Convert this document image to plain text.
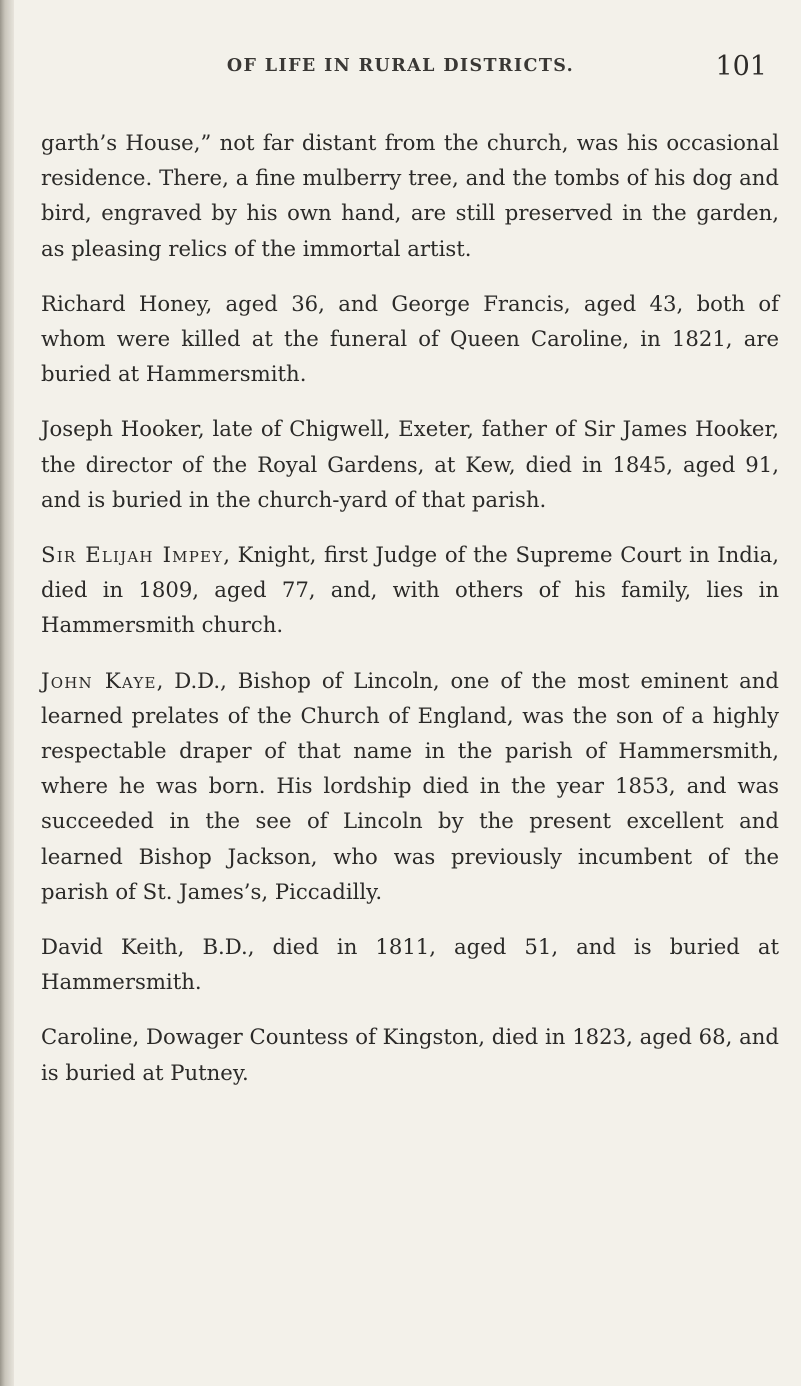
OF LIFE IN RURAL DISTRICTS.	101

garth’s House,” not far distant from the church, was his occasional residence. There, a fine mulberry tree, and the tombs of his dog and bird, engraved by his own hand, are still preserved in the garden, as pleasing relics of the immortal artist.

Richard Honey, aged 36, and George Francis, aged 43, both of whom were killed at the funeral of Queen Caroline, in 1821, are buried at Hammersmith.

Joseph Hooker, late of Chigwell, Exeter, father of Sir James Hooker, the director of the Royal Gardens, at Kew, died in 1845, aged 91, and is buried in the church-yard of that parish.

Sir Elijah Impey, Knight, first Judge of the Supreme Court in India, died in 1809, aged 77, and, with others of his family, lies in Hammersmith church.

John Kaye, D.D., Bishop of Lincoln, one of the most eminent and learned prelates of the Church of England, was the son of a highly respectable draper of that name in the parish of Hammersmith, where he was born. His lordship died in the year 1853, and was succeeded in the see of Lincoln by the present excellent and learned Bishop Jackson, who was previously incumbent of the parish of St. James’s, Piccadilly.

David Keith, B.D., died in 1811, aged 51, and is buried at Hammersmith.

Caroline, Dowager Countess of Kingston, died in 1823, aged 68, and is buried at Putney.
